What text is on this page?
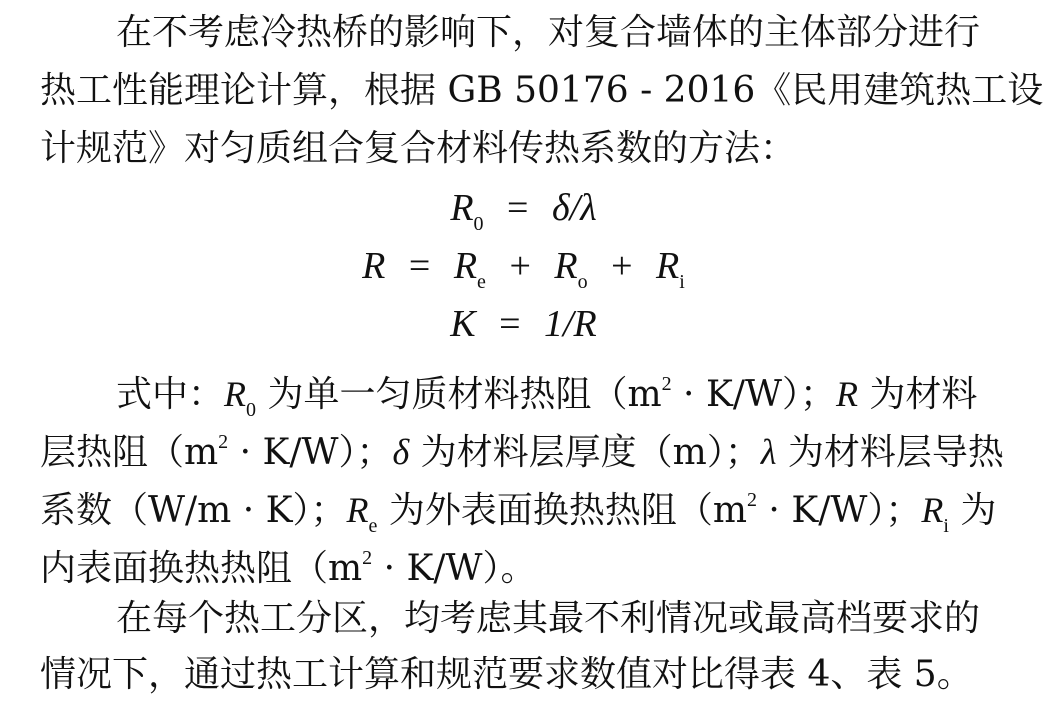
在不考虑冷热桥的影响下，对复合墙体的主体部分进行
热工性能理论计算，根据 GB 50176 - 2016《民用建筑热工设
计规范》对匀质组合复合材料传热系数的方法：
$R_0 = \delta/\lambda$
$R = R_e + R_o + R_i$
K = 1/R
式中：$R_0$ 为单一匀质材料热阻$(m^2 \cdot K/W)$；R 为材料
层热阻$(m^2 \cdot K/W)$；δ 为材料层厚度（m）；λ 为材料层导热
系数（W/m · K）；$R_e$ 为外表面换热热阻$(m^2 \cdot K/W)$；$R_i$ 为
内表面换热热阻$(m^2 \cdot K/W)$。
在每个热工分区，均考虑其最不利情况或最高档要求的
情况下，通过热工计算和规范要求数值对比得表 4、表 5。
